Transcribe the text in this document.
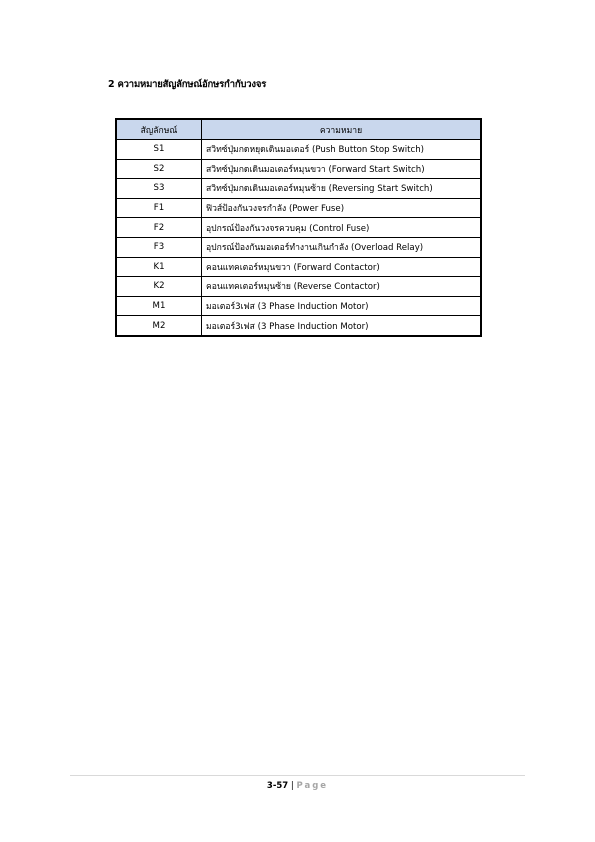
2 ความหมายสัญลักษณ์อักษรกำกับวงจร
สัญลักษณ์	ความหมาย
S1	สวิทซ์ปุ่มกดหยุดเดินมอเตอร์ (Push Button Stop Switch)
S2	สวิทซ์ปุ่มกดเดินมอเตอร์หมุนขวา (Forward Start Switch)
S3	สวิทซ์ปุ่มกดเดินมอเตอร์หมุนซ้าย (Reversing Start Switch)
F1	ฟิวส์ป้องกันวงจรกำลัง (Power Fuse)
F2	อุปกรณ์ป้องกันวงจรควบคุม (Control Fuse)
F3	อุปกรณ์ป้องกันมอเตอร์ทำงานเกินกำลัง (Overload Relay)
K1	คอนแทคเตอร์หมุนขวา (Forward Contactor)
K2	คอนแทคเตอร์หมุนซ้าย (Reverse Contactor)
M1	มอเตอร์3เฟส (3 Phase Induction Motor)
M2	มอเตอร์3เฟส (3 Phase Induction Motor)
3-57 | Page
